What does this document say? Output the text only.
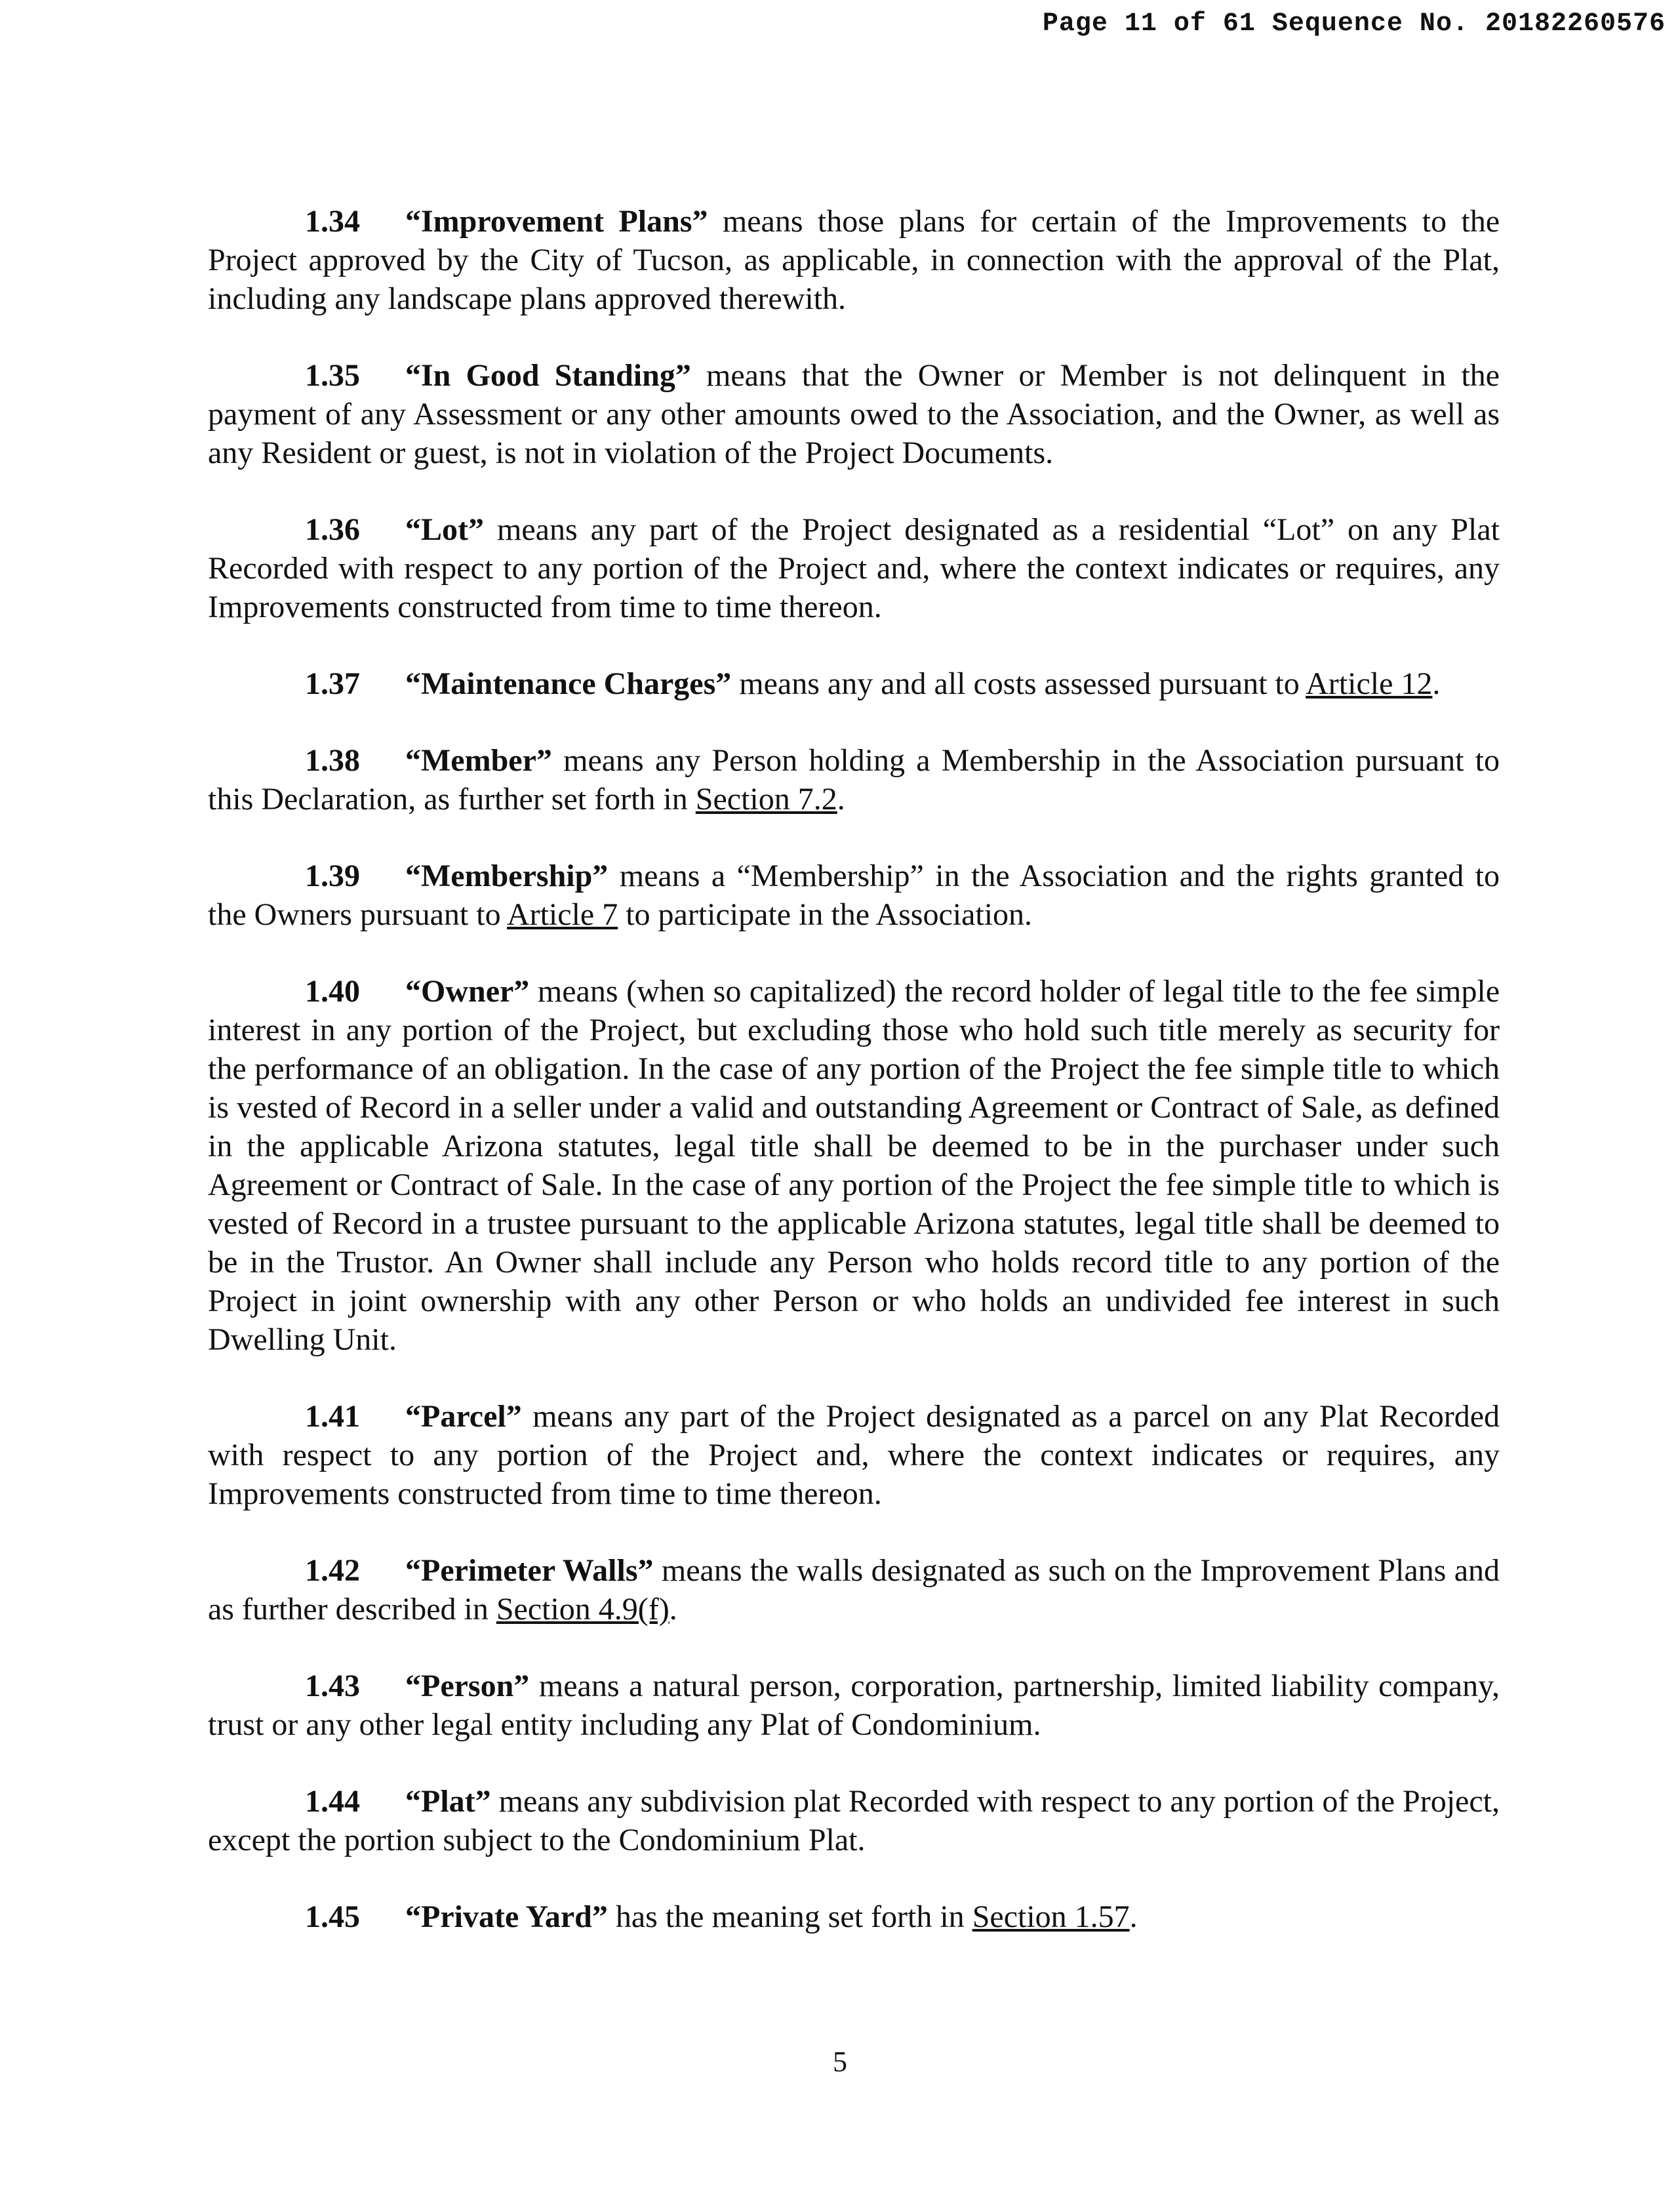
Page 11 of 61 Sequence No. 20182260576

1.34 “Improvement Plans” means those plans for certain of the Improvements to the Project approved by the City of Tucson, as applicable, in connection with the approval of the Plat, including any landscape plans approved therewith.

1.35 “In Good Standing” means that the Owner or Member is not delinquent in the payment of any Assessment or any other amounts owed to the Association, and the Owner, as well as any Resident or guest, is not in violation of the Project Documents.

1.36 “Lot” means any part of the Project designated as a residential “Lot” on any Plat Recorded with respect to any portion of the Project and, where the context indicates or requires, any Improvements constructed from time to time thereon.

1.37 “Maintenance Charges” means any and all costs assessed pursuant to Article 12.

1.38 “Member” means any Person holding a Membership in the Association pursuant to this Declaration, as further set forth in Section 7.2.

1.39 “Membership” means a “Membership” in the Association and the rights granted to the Owners pursuant to Article 7 to participate in the Association.

1.40 “Owner” means (when so capitalized) the record holder of legal title to the fee simple interest in any portion of the Project, but excluding those who hold such title merely as security for the performance of an obligation. In the case of any portion of the Project the fee simple title to which is vested of Record in a seller under a valid and outstanding Agreement or Contract of Sale, as defined in the applicable Arizona statutes, legal title shall be deemed to be in the purchaser under such Agreement or Contract of Sale. In the case of any portion of the Project the fee simple title to which is vested of Record in a trustee pursuant to the applicable Arizona statutes, legal title shall be deemed to be in the Trustor. An Owner shall include any Person who holds record title to any portion of the Project in joint ownership with any other Person or who holds an undivided fee interest in such Dwelling Unit.

1.41 “Parcel” means any part of the Project designated as a parcel on any Plat Recorded with respect to any portion of the Project and, where the context indicates or requires, any Improvements constructed from time to time thereon.

1.42 “Perimeter Walls” means the walls designated as such on the Improvement Plans and as further described in Section 4.9(f).

1.43 “Person” means a natural person, corporation, partnership, limited liability company, trust or any other legal entity including any Plat of Condominium.

1.44 “Plat” means any subdivision plat Recorded with respect to any portion of the Project, except the portion subject to the Condominium Plat.

1.45 “Private Yard” has the meaning set forth in Section 1.57.

5
